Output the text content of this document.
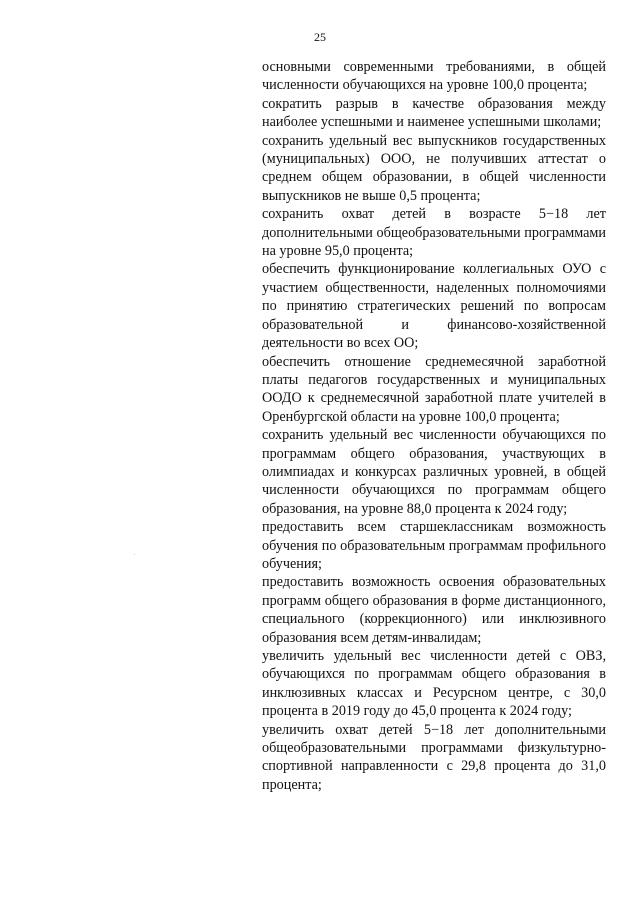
25

основными современными требованиями, в общей численности обучающихся на уровне 100,0 процента;

сократить разрыв в качестве образования между наиболее успешными и наименее успешными школами;

сохранить удельный вес выпускников государственных (муниципальных) ООО, не получивших аттестат о среднем общем образовании, в общей численности выпускников не выше 0,5 процента;

сохранить охват детей в возрасте 5−18 лет дополнительными общеобразовательными программами на уровне 95,0 процента;

обеспечить функционирование коллегиальных ОУО с участием общественности, наделенных полномочиями по принятию стратегических решений по вопросам образовательной и финансово-хозяйственной деятельности во всех ОО;

обеспечить отношение среднемесячной заработной платы педагогов государственных и муниципальных ООДО к среднемесячной заработной плате учителей в Оренбургской области на уровне 100,0 процента;

сохранить удельный вес численности обучающихся по программам общего образования, участвующих в олимпиадах и конкурсах различных уровней, в общей численности обучающихся по программам общего образования, на уровне 88,0 процента к 2024 году;

предоставить всем старшеклассникам возможность обучения по образовательным программам профильного обучения;

предоставить возможность освоения образовательных программ общего образования в форме дистанционного, специального (коррекционного) или инклюзивного образования всем детям-инвалидам;

увеличить удельный вес численности детей с ОВЗ, обучающихся по программам общего образования в инклюзивных классах и Ресурсном центре, с 30,0 процента в 2019 году до 45,0 процента к 2024 году;

увеличить охват детей 5−18 лет дополнительными общеобразовательными программами физкультурно-спортивной направленности с 29,8 процента до 31,0 процента;
